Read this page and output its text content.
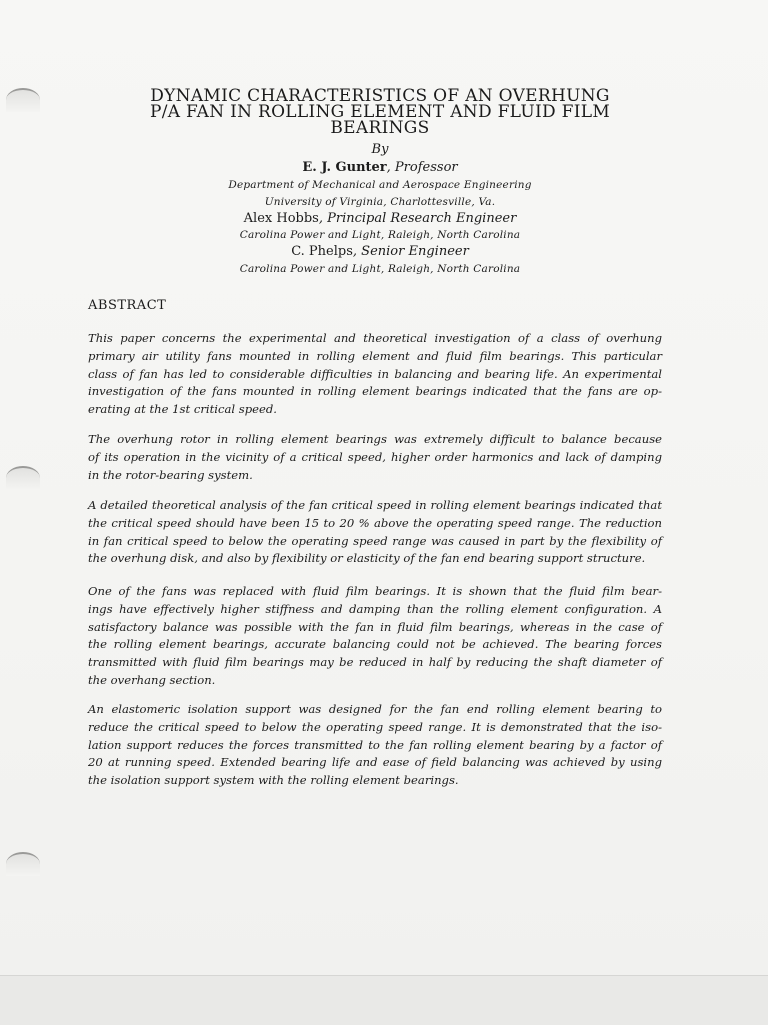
DYNAMIC CHARACTERISTICS OF AN OVERHUNG
P/A FAN IN ROLLING ELEMENT AND FLUID FILM
BEARINGS
By
E. J. Gunter, Professor
Department of Mechanical and Aerospace Engineering
University of Virginia, Charlottesville, Va.
Alex Hobbs, Principal Research Engineer
Carolina Power and Light, Raleigh, North Carolina
C. Phelps, Senior Engineer
Carolina Power and Light, Raleigh, North Carolina
ABSTRACT
This paper concerns the experimental and theoretical investigation of a class of overhung
primary air utility fans mounted in rolling element and fluid film bearings. This particular
class of fan has led to considerable difficulties in balancing and bearing life. An experimental
investigation of the fans mounted in rolling element bearings indicated that the fans are op-
erating at the 1st critical speed.
The overhung rotor in rolling element bearings was extremely difficult to balance because
of its operation in the vicinity of a critical speed, higher order harmonics and lack of damping
in the rotor-bearing system.
A detailed theoretical analysis of the fan critical speed in rolling element bearings indicated that
the critical speed should have been 15 to 20 % above the operating speed range. The reduction
in fan critical speed to below the operating speed range was caused in part by the flexibility of
the overhung disk, and also by flexibility or elasticity of the fan end bearing support structure.
One of the fans was replaced with fluid film bearings. It is shown that the fluid film bear-
ings have effectively higher stiffness and damping than the rolling element configuration. A
satisfactory balance was possible with the fan in fluid film bearings, whereas in the case of
the rolling element bearings, accurate balancing could not be achieved. The bearing forces
transmitted with fluid film bearings may be reduced in half by reducing the shaft diameter of
the overhang section.
An elastomeric isolation support was designed for the fan end rolling element bearing to
reduce the critical speed to below the operating speed range. It is demonstrated that the iso-
lation support reduces the forces transmitted to the fan rolling element bearing by a factor of
20 at running speed. Extended bearing life and ease of field balancing was achieved by using
the isolation support system with the rolling element bearings.
